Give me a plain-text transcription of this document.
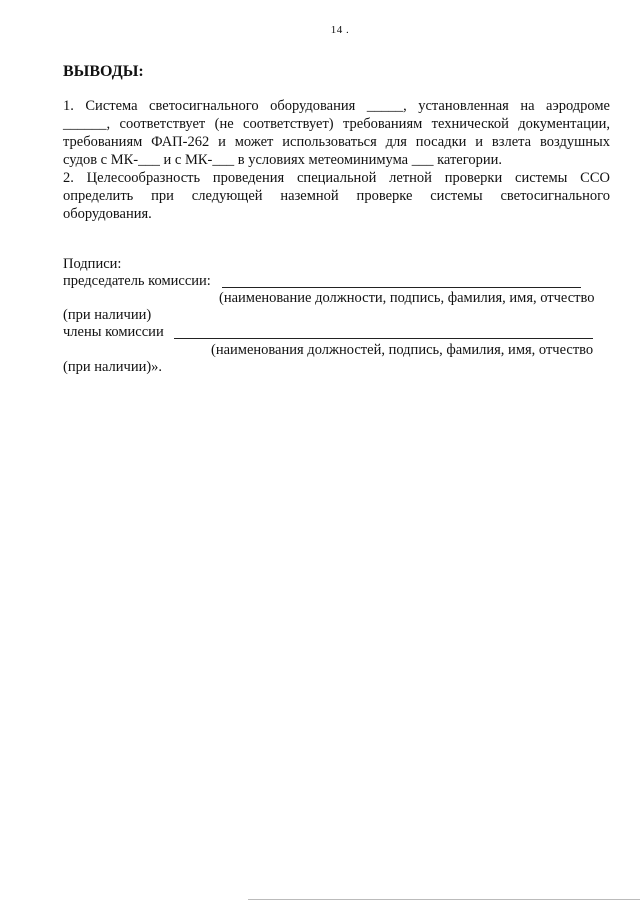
14 .
ВЫВОДЫ:
1. Система светосигнального оборудования _____, установленная на аэродроме
______, соответствует (не соответствует) требованиям технической документации,
требованиям ФАП-262 и может использоваться для посадки и взлета воздушных
судов с МК-___ и с МК-___ в условиях метеоминимума ___ категории.
2. Целесообразность проведения специальной летной проверки системы ССО
определить при следующей наземной проверке системы светосигнального
оборудования.
Подписи:
председатель комиссии:
(наименование должности, подпись, фамилия, имя, отчество
(при наличии)
члены комиссии
(наименования должностей, подпись, фамилия, имя, отчество
(при наличии)».
